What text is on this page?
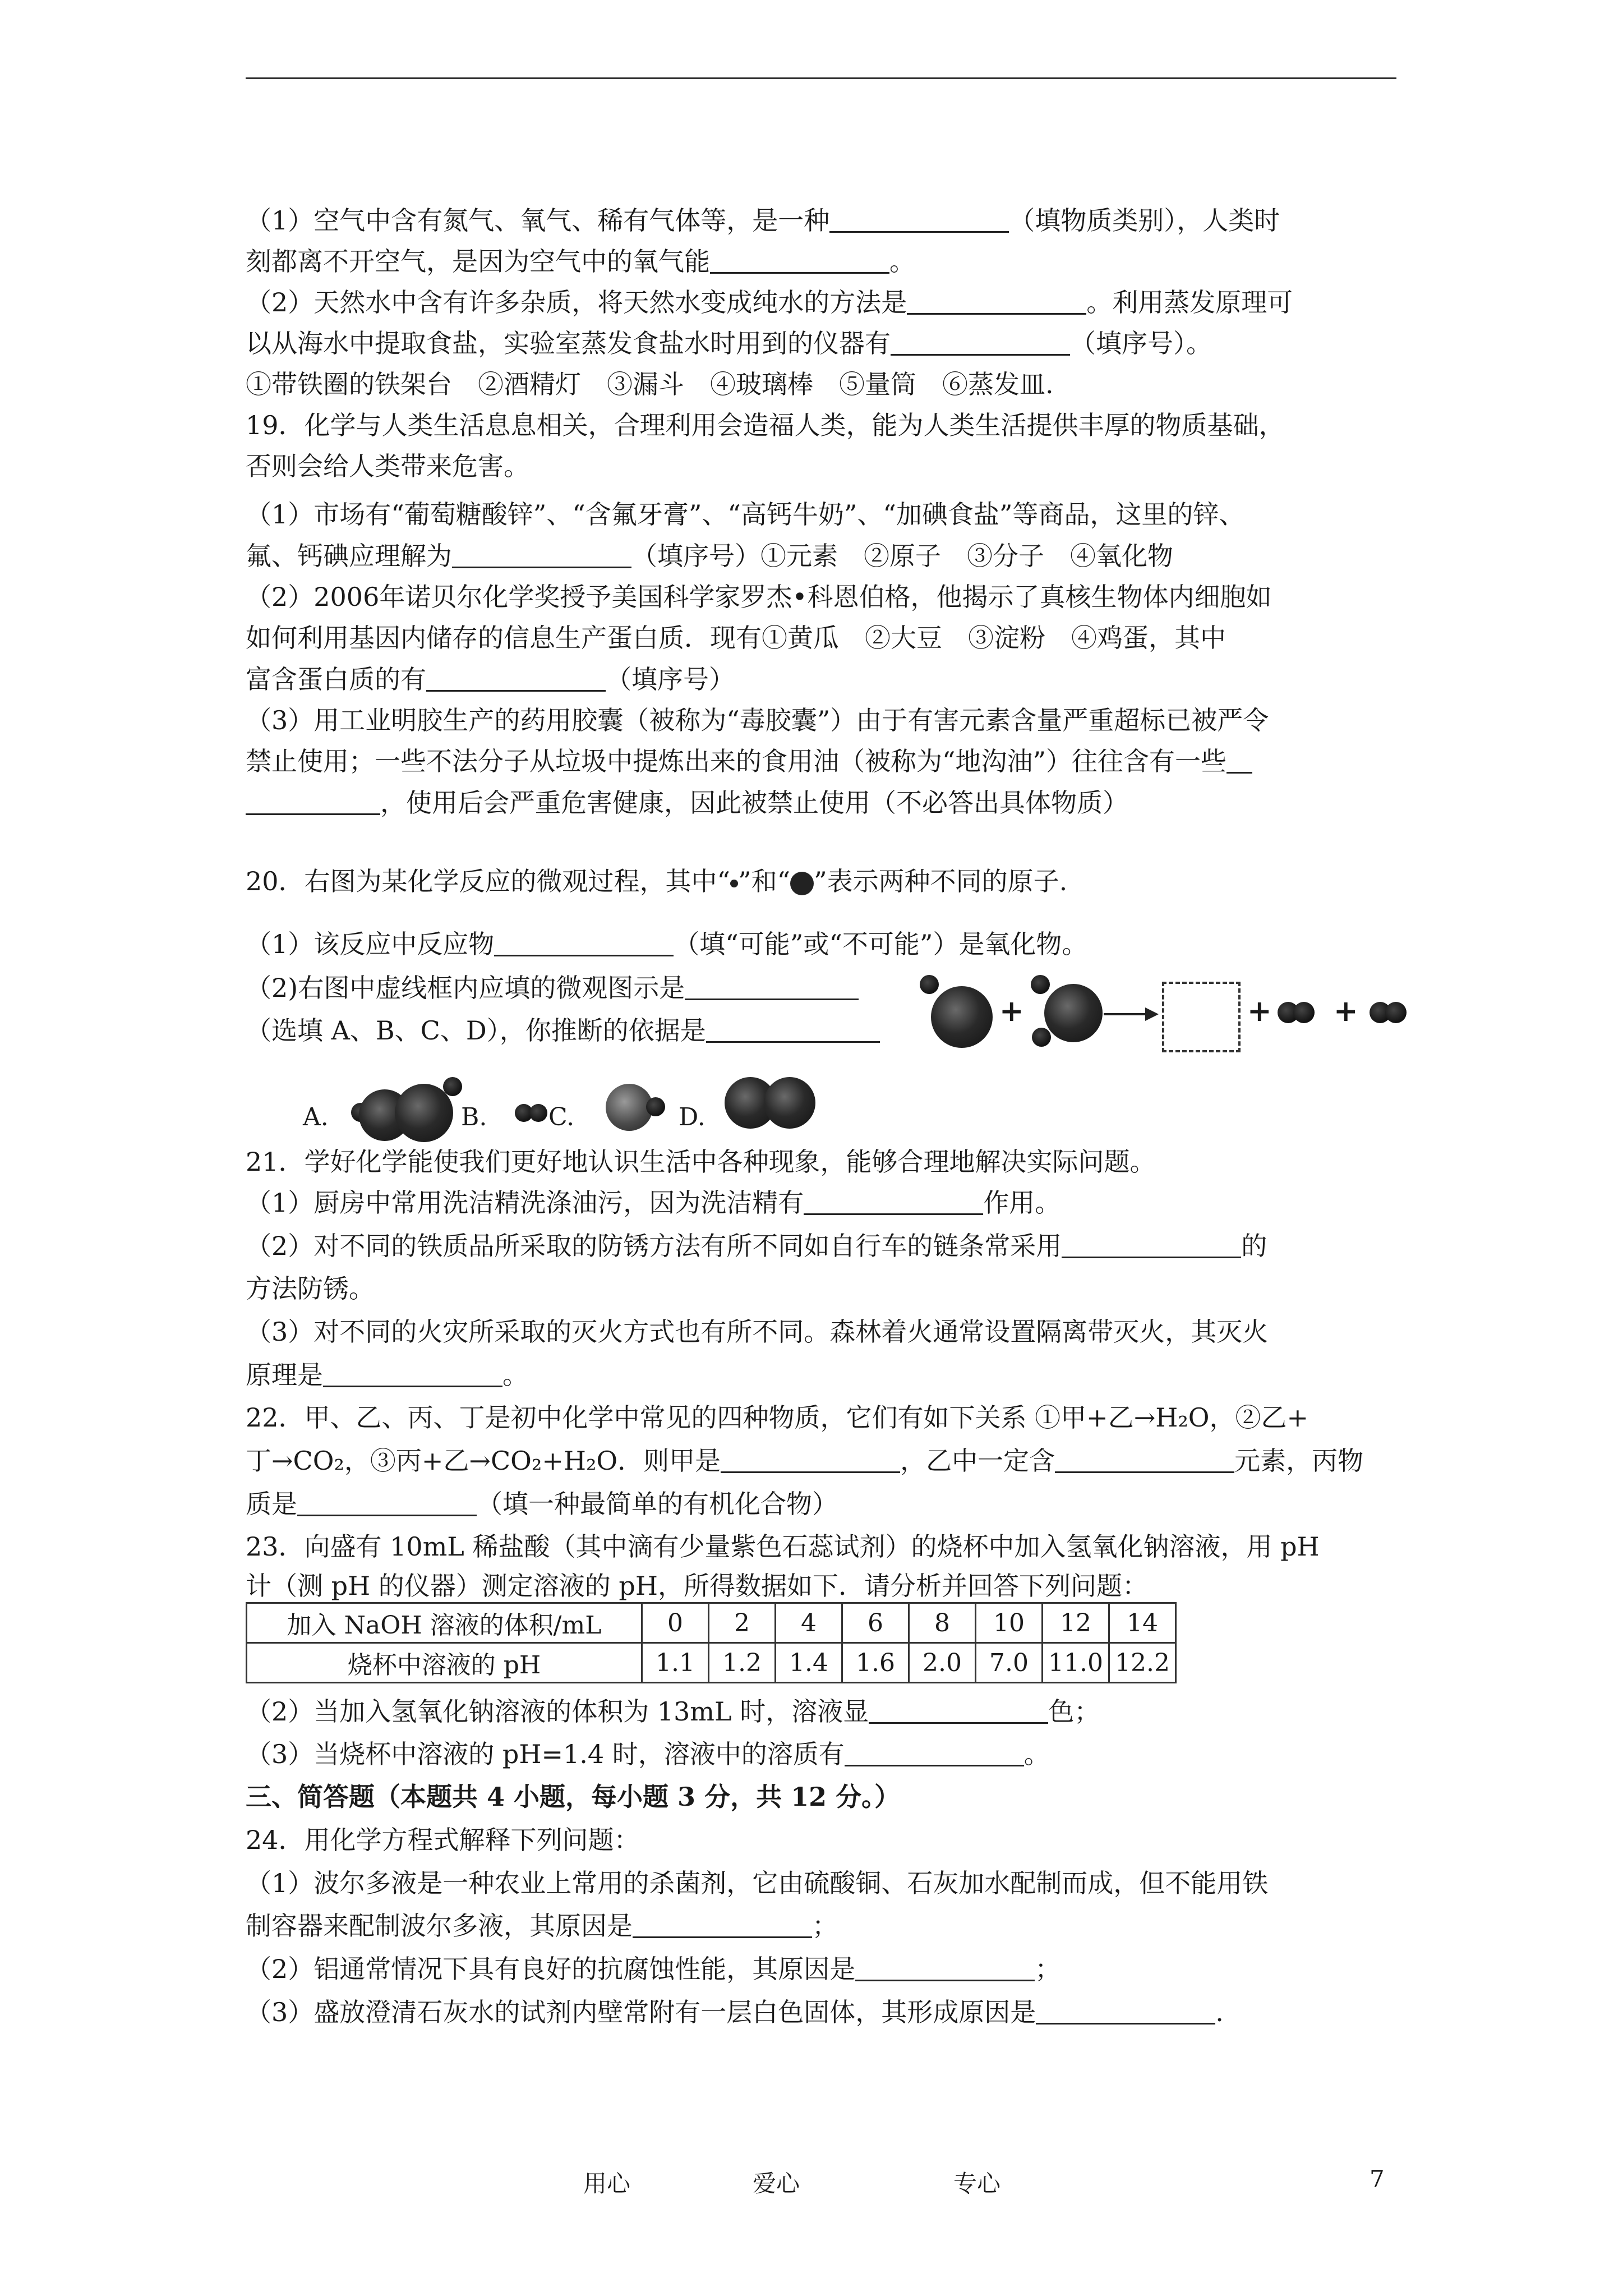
（1）空气中含有氮气、氧气、稀有气体等，是一种	（填物质类别），人类时
刻都离不开空气，是因为空气中的氧气能	。
（2）天然水中含有许多杂质，将天然水变成纯水的方法是	。利用蒸发原理可
以从海水中提取食盐，实验室蒸发食盐水时用到的仪器有	（填序号）。
①带铁圈的铁架台　②酒精灯　③漏斗　④玻璃棒　⑤量筒　⑥蒸发皿.
19．化学与人类生活息息相关，合理利用会造福人类，能为人类生活提供丰厚的物质基础，
否则会给人类带来危害。
（1）市场有“葡萄糖酸锌”、“含氟牙膏”、“高钙牛奶”、“加碘食盐”等商品，这里的锌、
氟、钙碘应理解为	（填序号）①元素　②原子　③分子　④氧化物
（2）2006年诺贝尔化学奖授予美国科学家罗杰•科恩伯格，他揭示了真核生物体内细胞如
如何利用基因内储存的信息生产蛋白质．现有①黄瓜　②大豆　③淀粉　④鸡蛋，其中
富含蛋白质的有	（填序号）
（3）用工业明胶生产的药用胶囊（被称为“毒胶囊”）由于有害元素含量严重超标已被严令
禁止使用；一些不法分子从垃圾中提炼出来的食用油（被称为“地沟油”）往往含有一些
，使用后会严重危害健康，因此被禁止使用（不必答出具体物质）
20．右图为某化学反应的微观过程，其中“ ”和“ ”表示两种不同的原子.
（1）该反应中反应物	（填“可能”或“不可能”）是氧化物。
（2)右图中虚线框内应填的微观图示是
（选填 A、B、C、D），你推断的依据是
+	+ +
A.	B. C.	D.
21．学好化学能使我们更好地认识生活中各种现象，能够合理地解决实际问题。
（1）厨房中常用洗洁精洗涤油污，因为洗洁精有	作用。
（2）对不同的铁质品所采取的防锈方法有所不同如自行车的链条常采用	的
方法防锈。
（3）对不同的火灾所采取的灭火方式也有所不同。森林着火通常设置隔离带灭火，其灭火
原理是	。
22．甲、乙、丙、丁是初中化学中常见的四种物质，它们有如下关系 ①甲+乙→H₂O，②乙+
丁→CO₂，③丙+乙→CO₂+H₂O．则甲是	，乙中一定含	元素，丙物
质是	（填一种最简单的有机化合物）
23．向盛有 10mL 稀盐酸（其中滴有少量紫色石蕊试剂）的烧杯中加入氢氧化钠溶液，用 pH
计（测 pH 的仪器）测定溶液的 pH，所得数据如下．请分析并回答下列问题：
加入 NaOH 溶液的体积/mL	0	2	4	6	8	10	12	14
烧杯中溶液的 pH	1.1	1.2	1.4	1.6	2.0	7.0	11.0	12.2
（2）当加入氢氧化钠溶液的体积为 13mL 时，溶液显	色；
（3）当烧杯中溶液的 pH=1.4 时，溶液中的溶质有	。
三、简答题（本题共 4 小题，每小题 3 分，共 12 分。）
24．用化学方程式解释下列问题：
（1）波尔多液是一种农业上常用的杀菌剂，它由硫酸铜、石灰加水配制而成，但不能用铁
制容器来配制波尔多液，其原因是	；
（2）铝通常情况下具有良好的抗腐蚀性能，其原因是	；
（3）盛放澄清石灰水的试剂内壁常附有一层白色固体，其形成原因是	.
用心	爱心	专心	7
